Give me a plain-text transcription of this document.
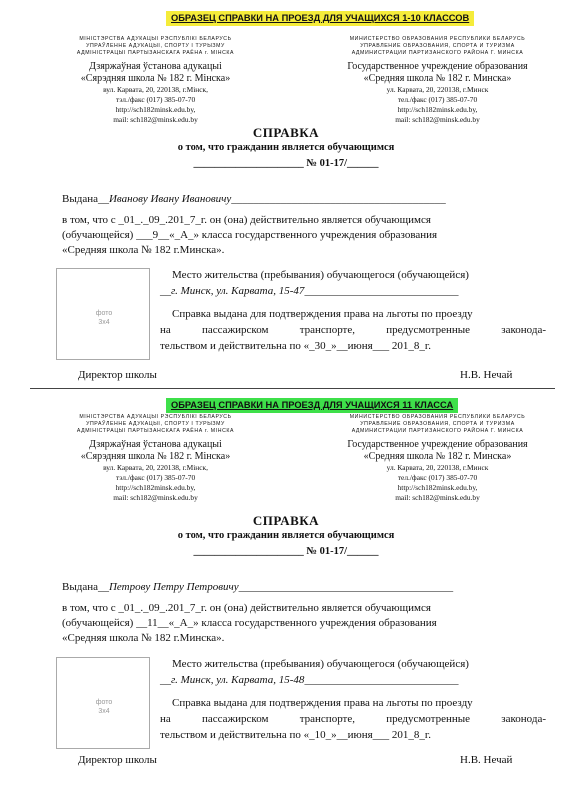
ОБРАЗЕЦ СПРАВКИ НА ПРОЕЗД ДЛЯ УЧАЩИХСЯ 1-10 КЛАССОВ
МІНІСТЭРСТВА АДУКАЦЫІ РЭСПУБЛІКІ БЕЛАРУСЬ
УПРАЎЛЕННЕ АДУКАЦЫІ, СПОРТУ І ТУРЫЗМУ
АДМІНІСТРАЦЫІ ПАРТЫЗАНСКАГА РАЁНА г. МІНСКА
Дзяржаўная ўстанова адукацыі
«Сярэдняя школа № 182 г. Мінска»
вул. Карвата, 20, 220138, г.Мінск,
тэл./факс (017) 385-07-70
http://sch182minsk.edu.by,
mail: sch182@minsk.edu.by
МИНИСТЕРСТВО ОБРАЗОВАНИЯ РЕСПУБЛИКИ БЕЛАРУСЬ
УПРАВЛЕНИЕ ОБРАЗОВАНИЯ, СПОРТА И ТУРИЗМА
АДМИНИСТРАЦИИ ПАРТИЗАНСКОГО РАЙОНА Г. МИНСКА
Государственное учреждение образования
«Средняя школа № 182 г. Минска»
ул. Карвата, 20, 220138, г.Минск
тел./факс (017) 385-07-70
http://sch182minsk.edu.by,
mail: sch182@minsk.edu.by
СПРАВКА
о том, что гражданин является обучающимся
_____________________ № 01-17/______
Выдана__Иванову Ивану Ивановичу_______________________________________
в том, что с _01_._09_.201_7_г. он (она) действительно является обучающимся
(обучающейся) ___9__«_А_» класса государственного учреждения образования
«Средняя школа № 182 г.Минска».
фото
3x4
Место жительства (пребывания) обучающегося (обучающейся)
__г. Минск, ул. Карвата, 15-47____________________________
Справка выдана для подтверждения права на льготы по проезду
на пассажирском транспорте, предусмотренные законода-
тельством и действительна по «_30_»__июня___ 201_8_г.
Директор школы	Н.В. Нечай
ОБРАЗЕЦ СПРАВКИ НА ПРОЕЗД ДЛЯ УЧАЩИХСЯ 11 КЛАССА
МІНІСТЭРСТВА АДУКАЦЫІ РЭСПУБЛІКІ БЕЛАРУСЬ
УПРАЎЛЕННЕ АДУКАЦЫІ, СПОРТУ І ТУРЫЗМУ
АДМІНІСТРАЦЫІ ПАРТЫЗАНСКАГА РАЁНА г. МІНСКА
Дзяржаўная ўстанова адукацыі
«Сярэдняя школа № 182 г. Мінска»
вул. Карвата, 20, 220138, г.Мінск,
тэл./факс (017) 385-07-70
http://sch182minsk.edu.by,
mail: sch182@minsk.edu.by
МИНИСТЕРСТВО ОБРАЗОВАНИЯ РЕСПУБЛИКИ БЕЛАРУСЬ
УПРАВЛЕНИЕ ОБРАЗОВАНИЯ, СПОРТА И ТУРИЗМА
АДМИНИСТРАЦИИ ПАРТИЗАНСКОГО РАЙОНА Г. МИНСКА
Государственное учреждение образования
«Средняя школа № 182 г. Минска»
ул. Карвата, 20, 220138, г.Минск
тел./факс (017) 385-07-70
http://sch182minsk.edu.by,
mail: sch182@minsk.edu.by
СПРАВКА
о том, что гражданин является обучающимся
_____________________ № 01-17/______
Выдана__Петрову Петру Петровичу_______________________________________
в том, что с _01_._09_.201_7_г. он (она) действительно является обучающимся
(обучающейся) __11__«_А_» класса государственного учреждения образования
«Средняя школа № 182 г.Минска».
фото
3x4
Место жительства (пребывания) обучающегося (обучающейся)
__г. Минск, ул. Карвата, 15-48____________________________
Справка выдана для подтверждения права на льготы по проезду
на пассажирском транспорте, предусмотренные законода-
тельством и действительна по «_10_»__июня___ 201_8_г.
Директор школы	Н.В. Нечай
